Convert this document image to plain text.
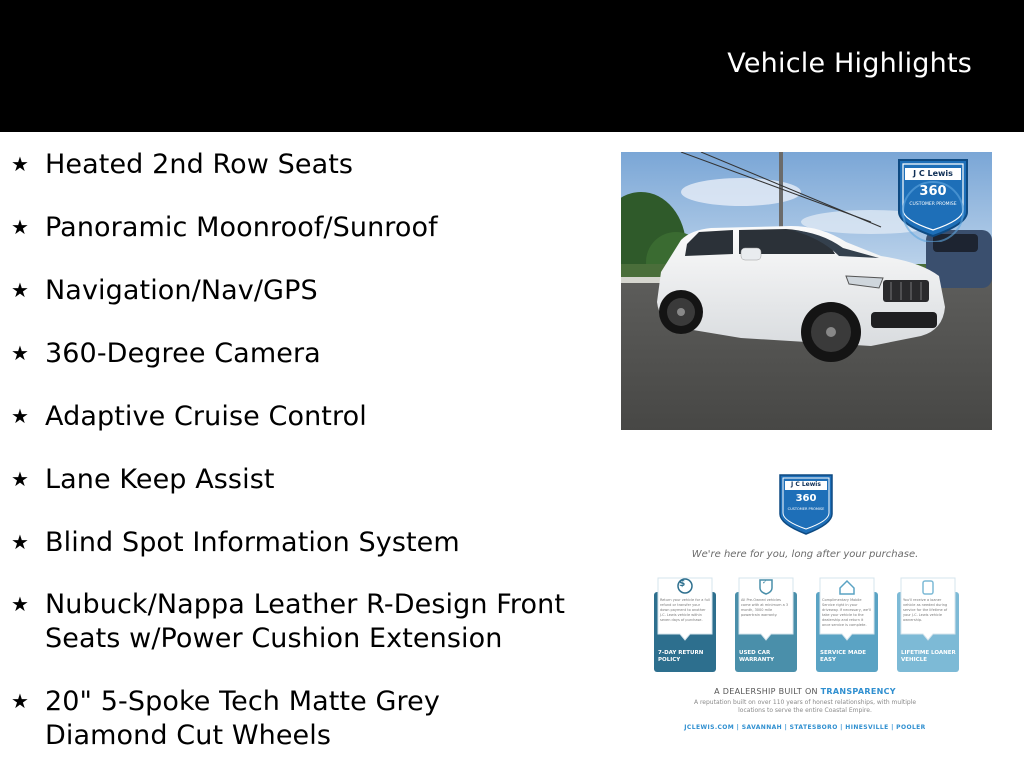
Vehicle Highlights
★ Heated 2nd Row Seats
★ Panoramic Moonroof/Sunroof
★ Navigation/Nav/GPS
★ 360-Degree Camera
★ Adaptive Cruise Control
★ Lane Keep Assist
★ Blind Spot Information System
★ Nubuck/Nappa Leather R-Design Front
Seats w/Power Cushion Extension
★ 20" 5-Spoke Tech Matte Grey
Diamond Cut Wheels
J C Lewis
360
CUSTOMER PROMISE
J C Lewis
360
CUSTOMER PROMISE
We're here for you, long after your purchase.
$
Return your vehicle for a full refund or transfer your down payment to another J.C. Lewis vehicle within seven days of purchase.
7-DAY RETURN POLICY
✓
All Pre-Owned vehicles come with at minimum a 3 month, 3000 mile powertrain warranty.
USED CAR WARRANTY
Complimentary Mobile Service right in your driveway. If necessary, we'll take your vehicle to the dealership and return it once service is complete.
SERVICE MADE EASY
You'll receive a loaner vehicle as needed during service for the lifetime of your J.C. Lewis vehicle ownership.
LIFETIME LOANER VEHICLE
A DEALERSHIP BUILT ON TRANSPARENCY
A reputation built on over 110 years of honest relationships, with multiple locations to serve the entire Coastal Empire.
JCLEWIS.COM | SAVANNAH | STATESBORO | HINESVILLE | POOLER
